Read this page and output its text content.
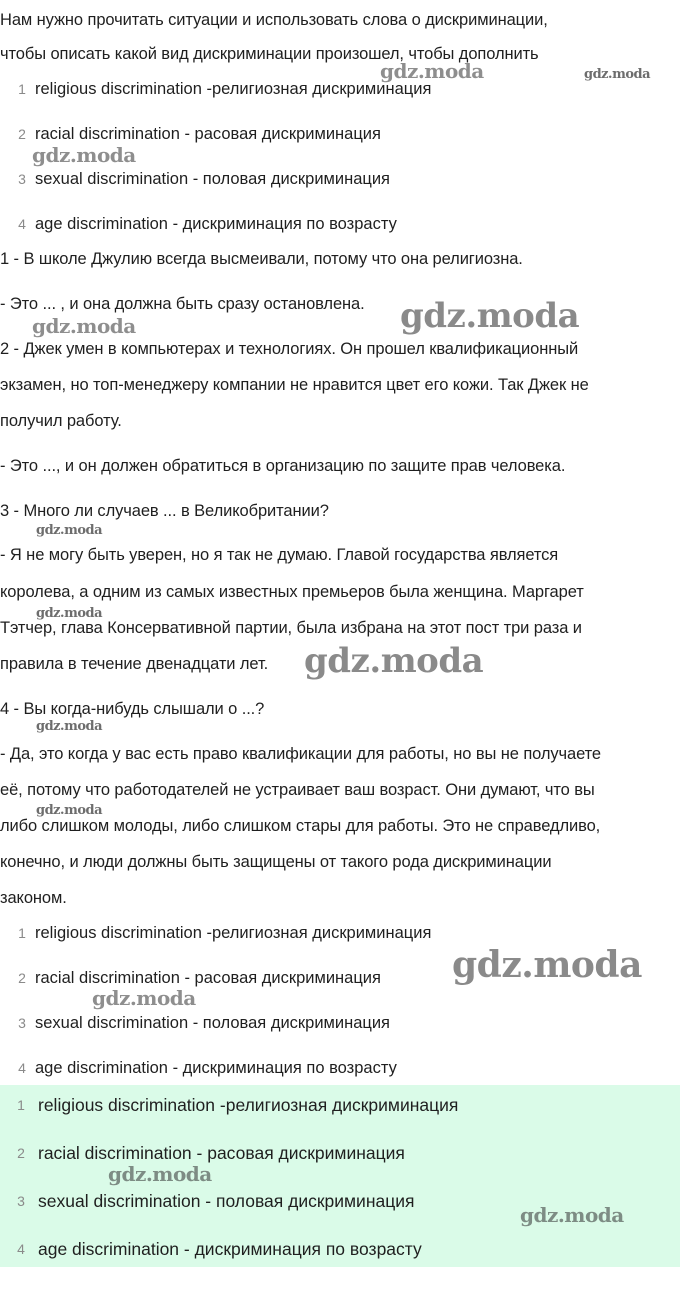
Нам нужно прочитать ситуации и использовать слова о дискриминации,
чтобы описать какой вид дискриминации произошел, чтобы дополнить
1 religious discrimination -религиозная дискриминация
2 racial discrimination - расовая дискриминация
3 sexual discrimination - половая дискриминация
4 age discrimination - дискриминация по возрасту
1 - В школе Джулию всегда высмеивали, потому что она религиозна.
- Это ... , и она должна быть сразу остановлена.
2 - Джек умен в компьютерах и технологиях. Он прошел квалификационный
экзамен, но топ-менеджеру компании не нравится цвет его кожи. Так Джек не
получил работу.
- Это ..., и он должен обратиться в организацию по защите прав человека.
3 - Много ли случаев ... в Великобритании?
- Я не могу быть уверен, но я так не думаю. Главой государства является
королева, а одним из самых известных премьеров была женщина. Маргарет
Тэтчер, глава Консервативной партии, была избрана на этот пост три раза и
правила в течение двенадцати лет.
4 - Вы когда-нибудь слышали о ...?
- Да, это когда у вас есть право квалификации для работы, но вы не получаете
её, потому что работодателей не устраивает ваш возраст. Они думают, что вы
либо слишком молоды, либо слишком стары для работы. Это не справедливо,
конечно, и люди должны быть защищены от такого рода дискриминации
законом.
1 religious discrimination -религиозная дискриминация
2 racial discrimination - расовая дискриминация
3 sexual discrimination - половая дискриминация
4 age discrimination - дискриминация по возрасту
1 religious discrimination -религиозная дискриминация
2 racial discrimination - расовая дискриминация
3 sexual discrimination - половая дискриминация
4 age discrimination - дискриминация по возрасту
gdz.moda	gdz.moda
gdz.moda
gdz.moda
gdz.moda
gdz.moda
gdz.moda
gdz.moda
gdz.moda
gdz.moda
gdz.moda
gdz.moda
gdz.moda
gdz.moda
